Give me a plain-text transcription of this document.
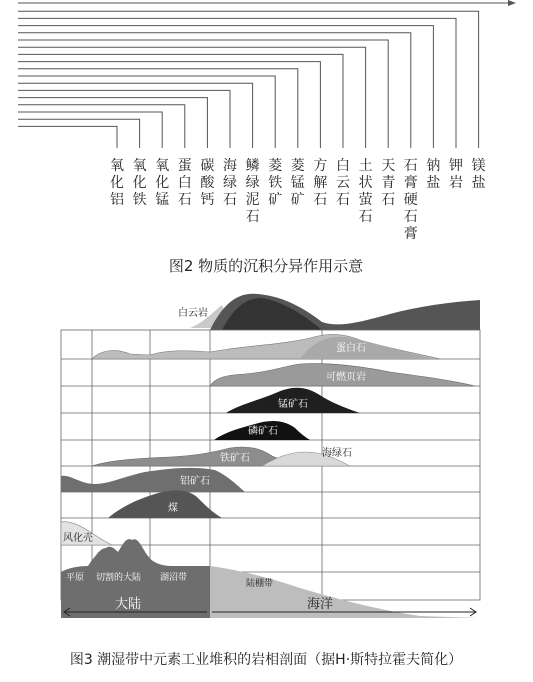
氧化铝
氧化铁
氧化锰
蛋白石
碳酸钙
海绿石
鳞绿泥石
菱铁矿
菱锰矿
方解石
白云石
土状萤石
天青石
石膏硬石膏
钠盐
钾岩
镁盐
图2 物质的沉积分异作用示意
白云岩
有机灰岩
蛋白石
可燃页岩
锰矿石
磷矿石
铁矿石	海绿石
铝矿石
煤
风化壳
平原 切割的大陆 湖沼带
陆棚带
大陆	海洋
图3 潮湿带中元素工业堆积的岩相剖面（据H·斯特拉霍夫简化）
